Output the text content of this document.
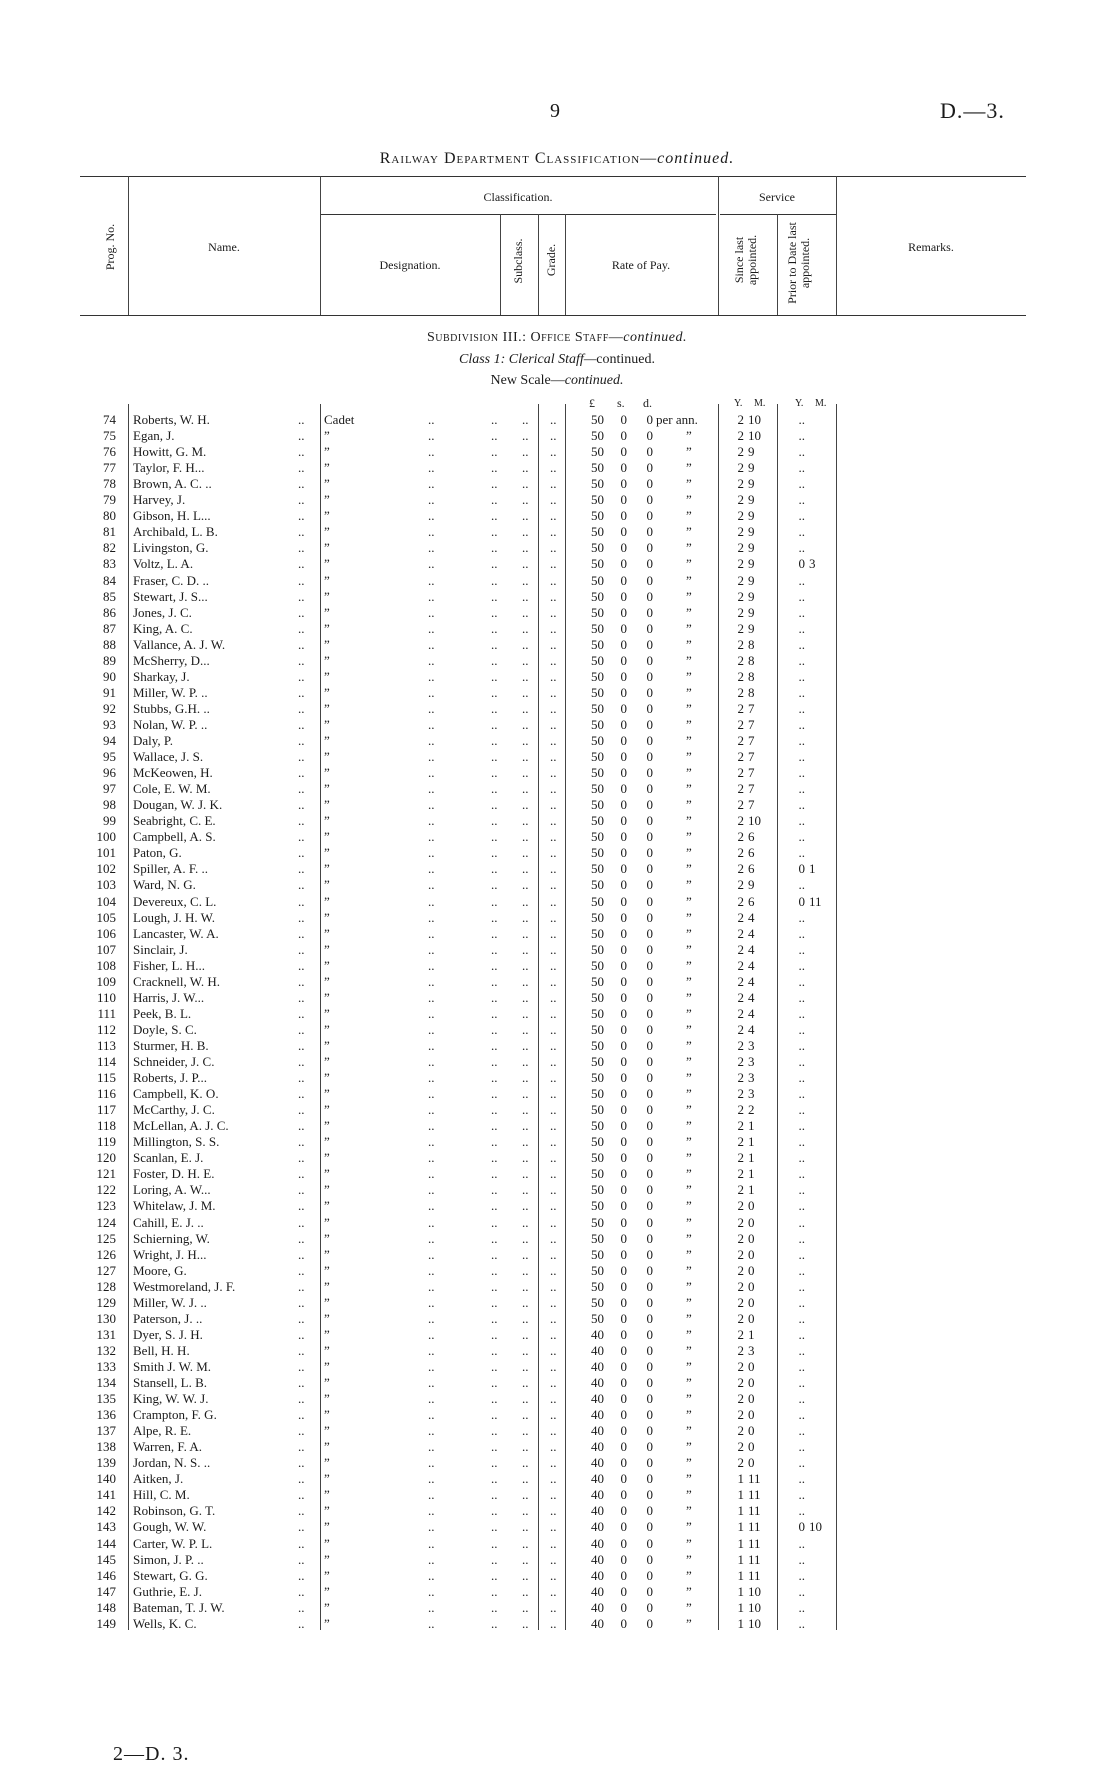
9	D.—3.
Railway Department Classification—continued.
Prog. No.	Name.
Classification.
Designation.	Subclass. Grade.	Rate of Pay.
Service
Since last appointed. Prior to Date last appointed.	Remarks.
Subdivision III.: Office Staff—continued.
Class 1: Clerical Staff—continued.
New Scale—continued.
£ s. d.	Y. M.	Y. M.
74 Roberts, W. H.	.. Cadet	..	.. .. ..	50 0 0 per ann.	2 10	..
75 Egan, J.	.. ”	..	.. .. ..	50 0 0	”	2 10	..
76 Howitt, G. M.	.. ”	..	.. .. ..	50 0 0	”	2 9	..
77 Taylor, F. H...	.. ”	..	.. .. ..	50 0 0	”	2 9	..
78 Brown, A. C. ..	.. ”	..	.. .. ..	50 0 0	”	2 9	..
79 Harvey, J.	.. ”	..	.. .. ..	50 0 0	”	2 9	..
80 Gibson, H. L...	.. ”	..	.. .. ..	50 0 0	”	2 9	..
81 Archibald, L. B.	.. ”	..	.. .. ..	50 0 0	”	2 9	..
82 Livingston, G.	.. ”	..	.. .. ..	50 0 0	”	2 9	..
83 Voltz, L. A.	.. ”	..	.. .. ..	50 0 0	”	2 9	0 3
84 Fraser, C. D. ..	.. ”	..	.. .. ..	50 0 0	”	2 9	..
85 Stewart, J. S...	.. ”	..	.. .. ..	50 0 0	”	2 9	..
86 Jones, J. C.	.. ”	..	.. .. ..	50 0 0	”	2 9	..
87 King, A. C.	.. ”	..	.. .. ..	50 0 0	”	2 9	..
88 Vallance, A. J. W.	.. ”	..	.. .. ..	50 0 0	”	2 8	..
89 McSherry, D...	.. ”	..	.. .. ..	50 0 0	”	2 8	..
90 Sharkay, J.	.. ”	..	.. .. ..	50 0 0	”	2 8	..
91 Miller, W. P. ..	.. ”	..	.. .. ..	50 0 0	”	2 8	..
92 Stubbs, G.H. ..	.. ”	..	.. .. ..	50 0 0	”	2 7	..
93 Nolan, W. P. ..	.. ”	..	.. .. ..	50 0 0	”	2 7	..
94 Daly, P.	.. ”	..	.. .. ..	50 0 0	”	2 7	..
95 Wallace, J. S.	.. ”	..	.. .. ..	50 0 0	”	2 7	..
96 McKeowen, H.	.. ”	..	.. .. ..	50 0 0	”	2 7	..
97 Cole, E. W. M.	.. ”	..	.. .. ..	50 0 0	”	2 7	..
98 Dougan, W. J. K.	.. ”	..	.. .. ..	50 0 0	”	2 7	..
99 Seabright, C. E.	.. ”	..	.. .. ..	50 0 0	”	2 10	..
100 Campbell, A. S.	.. ”	..	.. .. ..	50 0 0	”	2 6	..
101 Paton, G.	.. ”	..	.. .. ..	50 0 0	”	2 6	..
102 Spiller, A. F. ..	.. ”	..	.. .. ..	50 0 0	”	2 6	0 1
103 Ward, N. G.	.. ”	..	.. .. ..	50 0 0	”	2 9	..
104 Devereux, C. L.	.. ”	..	.. .. ..	50 0 0	”	2 6	0 11
105 Lough, J. H. W.	.. ”	..	.. .. ..	50 0 0	”	2 4	..
106 Lancaster, W. A.	.. ”	..	.. .. ..	50 0 0	”	2 4	..
107 Sinclair, J.	.. ”	..	.. .. ..	50 0 0	”	2 4	..
108 Fisher, L. H...	.. ”	..	.. .. ..	50 0 0	”	2 4	..
109 Cracknell, W. H.	.. ”	..	.. .. ..	50 0 0	”	2 4	..
110 Harris, J. W...	.. ”	..	.. .. ..	50 0 0	”	2 4	..
111 Peek, B. L.	.. ”	..	.. .. ..	50 0 0	”	2 4	..
112 Doyle, S. C.	.. ”	..	.. .. ..	50 0 0	”	2 4	..
113 Sturmer, H. B.	.. ”	..	.. .. ..	50 0 0	”	2 3	..
114 Schneider, J. C.	.. ”	..	.. .. ..	50 0 0	”	2 3	..
115 Roberts, J. P...	.. ”	..	.. .. ..	50 0 0	”	2 3	..
116 Campbell, K. O.	.. ”	..	.. .. ..	50 0 0	”	2 3	..
117 McCarthy, J. C.	.. ”	..	.. .. ..	50 0 0	”	2 2	..
118 McLellan, A. J. C.	.. ”	..	.. .. ..	50 0 0	”	2 1	..
119 Millington, S. S.	.. ”	..	.. .. ..	50 0 0	”	2 1	..
120 Scanlan, E. J.	.. ”	..	.. .. ..	50 0 0	”	2 1	..
121 Foster, D. H. E.	.. ”	..	.. .. ..	50 0 0	”	2 1	..
122 Loring, A. W...	.. ”	..	.. .. ..	50 0 0	”	2 1	..
123 Whitelaw, J. M.	.. ”	..	.. .. ..	50 0 0	”	2 0	..
124 Cahill, E. J. ..	.. ”	..	.. .. ..	50 0 0	”	2 0	..
125 Schierning, W.	.. ”	..	.. .. ..	50 0 0	”	2 0	..
126 Wright, J. H...	.. ”	..	.. .. ..	50 0 0	”	2 0	..
127 Moore, G.	.. ”	..	.. .. ..	50 0 0	”	2 0	..
128 Westmoreland, J. F.	.. ”	..	.. .. ..	50 0 0	”	2 0	..
129 Miller, W. J. ..	.. ”	..	.. .. ..	50 0 0	”	2 0	..
130 Paterson, J. ..	.. ”	..	.. .. ..	50 0 0	”	2 0	..
131 Dyer, S. J. H.	.. ”	..	.. .. ..	40 0 0	”	2 1	..
132 Bell, H. H.	.. ”	..	.. .. ..	40 0 0	”	2 3	..
133 Smith J. W. M.	.. ”	..	.. .. ..	40 0 0	”	2 0	..
134 Stansell, L. B.	.. ”	..	.. .. ..	40 0 0	”	2 0	..
135 King, W. W. J.	.. ”	..	.. .. ..	40 0 0	”	2 0	..
136 Crampton, F. G.	.. ”	..	.. .. ..	40 0 0	”	2 0	..
137 Alpe, R. E.	.. ”	..	.. .. ..	40 0 0	”	2 0	..
138 Warren, F. A.	.. ”	..	.. .. ..	40 0 0	”	2 0	..
139 Jordan, N. S. ..	.. ”	..	.. .. ..	40 0 0	”	2 0	..
140 Aitken, J.	.. ”	..	.. .. ..	40 0 0	”	1 11	..
141 Hill, C. M.	.. ”	..	.. .. ..	40 0 0	”	1 11	..
142 Robinson, G. T.	.. ”	..	.. .. ..	40 0 0	”	1 11	..
143 Gough, W. W.	.. ”	..	.. .. ..	40 0 0	”	1 11	0 10
144 Carter, W. P. L.	.. ”	..	.. .. ..	40 0 0	”	1 11	..
145 Simon, J. P. ..	.. ”	..	.. .. ..	40 0 0	”	1 11	..
146 Stewart, G. G.	.. ”	..	.. .. ..	40 0 0	”	1 11	..
147 Guthrie, E. J.	.. ”	..	.. .. ..	40 0 0	”	1 10	..
148 Bateman, T. J. W.	.. ”	..	.. .. ..	40 0 0	”	1 10	..
149 Wells, K. C.	.. ”	..	.. .. ..	40 0 0	”	1 10	..
2—D. 3.
